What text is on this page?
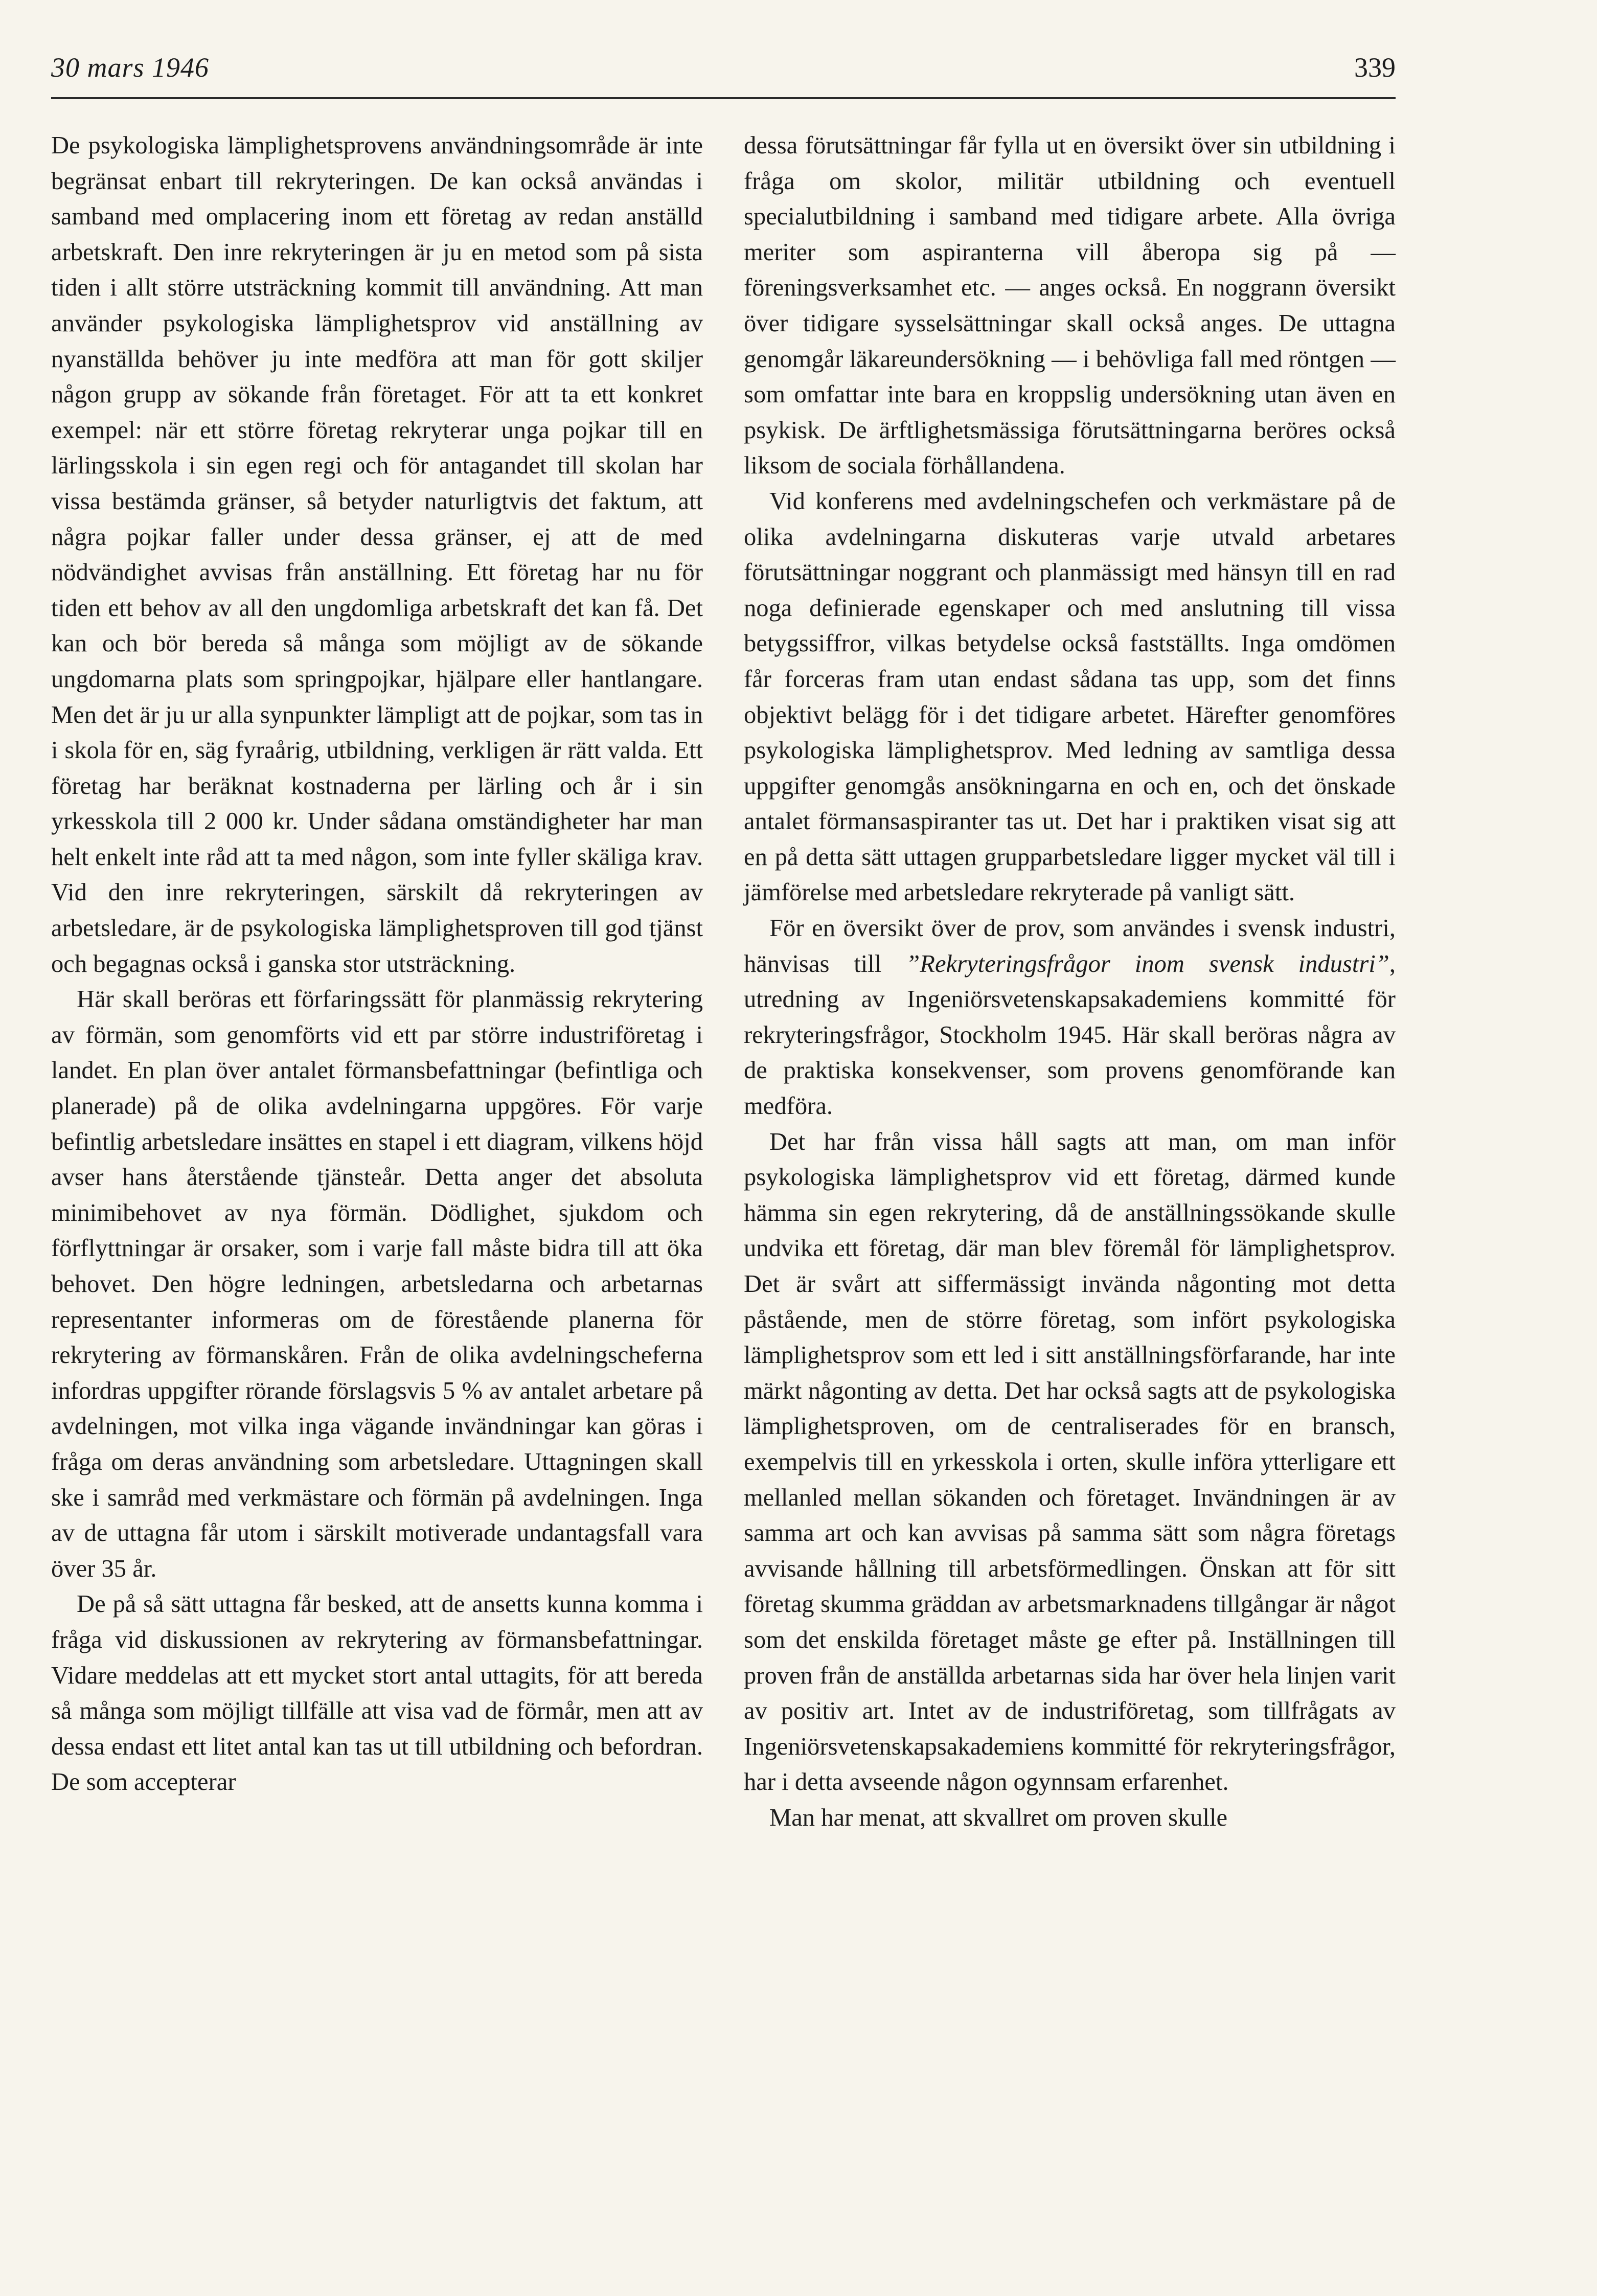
30 mars 1946	339

De psykologiska lämplighetsprovens användningsområde är inte begränsat enbart till rekryteringen. De kan också användas i samband med omplacering inom ett företag av redan anställd arbetskraft. Den inre rekryteringen är ju en metod som på sista tiden i allt större utsträckning kommit till användning. Att man använder psykologiska lämplighetsprov vid anställning av nyanställda behöver ju inte medföra att man för gott skiljer någon grupp av sökande från företaget. För att ta ett konkret exempel: när ett större företag rekryterar unga pojkar till en lärlingsskola i sin egen regi och för antagandet till skolan har vissa bestämda gränser, så betyder naturligtvis det faktum, att några pojkar faller under dessa gränser, ej att de med nödvändighet avvisas från anställning. Ett företag har nu för tiden ett behov av all den ungdomliga arbetskraft det kan få. Det kan och bör bereda så många som möjligt av de sökande ungdomarna plats som springpojkar, hjälpare eller hantlangare. Men det är ju ur alla synpunkter lämpligt att de pojkar, som tas in i skola för en, säg fyraårig, utbildning, verkligen är rätt valda. Ett företag har beräknat kostnaderna per lärling och år i sin yrkesskola till 2 000 kr. Under sådana omständigheter har man helt enkelt inte råd att ta med någon, som inte fyller skäliga krav. Vid den inre rekryteringen, särskilt då rekryteringen av arbetsledare, är de psykologiska lämplighetsproven till god tjänst och begagnas också i ganska stor utsträckning.

Här skall beröras ett förfaringssätt för planmässig rekrytering av förmän, som genomförts vid ett par större industriföretag i landet. En plan över antalet förmansbefattningar (befintliga och planerade) på de olika avdelningarna uppgöres. För varje befintlig arbetsledare insättes en stapel i ett diagram, vilkens höjd avser hans återstående tjänsteår. Detta anger det absoluta minimibehovet av nya förmän. Dödlighet, sjukdom och förflyttningar är orsaker, som i varje fall måste bidra till att öka behovet. Den högre ledningen, arbetsledarna och arbetarnas representanter informeras om de förestående planerna för rekrytering av förmanskåren. Från de olika avdelningscheferna infordras uppgifter rörande förslagsvis 5 % av antalet arbetare på avdelningen, mot vilka inga vägande invändningar kan göras i fråga om deras användning som arbetsledare. Uttagningen skall ske i samråd med verkmästare och förmän på avdelningen. Inga av de uttagna får utom i särskilt motiverade undantagsfall vara över 35 år.

De på så sätt uttagna får besked, att de ansetts kunna komma i fråga vid diskussionen av rekrytering av förmansbefattningar. Vidare meddelas att ett mycket stort antal uttagits, för att bereda så många som möjligt tillfälle att visa vad de förmår, men att av dessa endast ett litet antal kan tas ut till utbildning och befordran. De som accepterar

dessa förutsättningar får fylla ut en översikt över sin utbildning i fråga om skolor, militär utbildning och eventuell specialutbildning i samband med tidigare arbete. Alla övriga meriter som aspiranterna vill åberopa sig på — föreningsverksamhet etc. — anges också. En noggrann översikt över tidigare sysselsättningar skall också anges. De uttagna genomgår läkareundersökning — i behövliga fall med röntgen — som omfattar inte bara en kroppslig undersökning utan även en psykisk. De ärftlighetsmässiga förutsättningarna beröres också liksom de sociala förhållandena.

Vid konferens med avdelningschefen och verkmästare på de olika avdelningarna diskuteras varje utvald arbetares förutsättningar noggrant och planmässigt med hänsyn till en rad noga definierade egenskaper och med anslutning till vissa betygssiffror, vilkas betydelse också fastställts. Inga omdömen får forceras fram utan endast sådana tas upp, som det finns objektivt belägg för i det tidigare arbetet. Härefter genomföres psykologiska lämplighetsprov. Med ledning av samtliga dessa uppgifter genomgås ansökningarna en och en, och det önskade antalet förmansaspiranter tas ut. Det har i praktiken visat sig att en på detta sätt uttagen grupparbetsledare ligger mycket väl till i jämförelse med arbetsledare rekryterade på vanligt sätt.

För en översikt över de prov, som användes i svensk industri, hänvisas till ”Rekryteringsfrågor inom svensk industri”, utredning av Ingeniörsvetenskapsakademiens kommitté för rekryteringsfrågor, Stockholm 1945. Här skall beröras några av de praktiska konsekvenser, som provens genomförande kan medföra.

Det har från vissa håll sagts att man, om man inför psykologiska lämplighetsprov vid ett företag, därmed kunde hämma sin egen rekrytering, då de anställningssökande skulle undvika ett företag, där man blev föremål för lämplighetsprov. Det är svårt att siffermässigt invända någonting mot detta påstående, men de större företag, som infört psykologiska lämplighetsprov som ett led i sitt anställningsförfarande, har inte märkt någonting av detta. Det har också sagts att de psykologiska lämplighetsproven, om de centraliserades för en bransch, exempelvis till en yrkesskola i orten, skulle införa ytterligare ett mellanled mellan sökanden och företaget. Invändningen är av samma art och kan avvisas på samma sätt som några företags avvisande hållning till arbetsförmedlingen. Önskan att för sitt företag skumma gräddan av arbetsmarknadens tillgångar är något som det enskilda företaget måste ge efter på. Inställningen till proven från de anställda arbetarnas sida har över hela linjen varit av positiv art. Intet av de industriföretag, som tillfrågats av Ingeniörsvetenskapsakademiens kommitté för rekryteringsfrågor, har i detta avseende någon ogynnsam erfarenhet.

Man har menat, att skvallret om proven skulle
